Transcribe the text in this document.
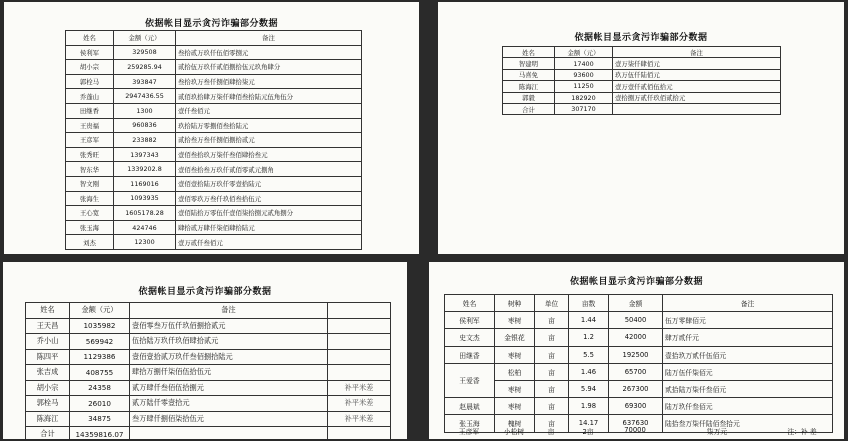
依据帐目显示贪污诈骗部分数据
姓名	金额（元）	备注
侯利军	329508	叁拾贰万玖仟伍佰零捌元
胡小宗	259285.94	贰拾伍万玖仟贰佰捌拾伍元玖角肆分
郭栓马	393847	叁拾玖万叁仟捌佰肆拾柒元
乔蓬山	2947436.55	贰佰玖拾肆万柒仟肆佰叁拾陆元伍角伍分
田继香	1300	壹仟叁佰元
王贵福	960836	玖拾陆万零捌佰叁拾陆元
王彦军	233882	贰拾叁万叁仟捌佰捌拾贰元
张秀旺	1397343	壹佰叁拾玖万柒仟叁佰肆拾叁元
智东华	1339202.8	壹佰叁拾叁万玖仟贰佰零贰元捌角
智文刚	1169016	壹佰壹拾陆万玖仟零壹拾陆元
张海生	1093935	壹佰零玖万叁仟玖佰叁拾伍元
王心宽	1605178.28	壹佰陆拾万零伍仟壹佰柒拾捌元贰角捌分
张玉海	424746	肆拾贰万肆仟柒佰肆拾陆元
刘杰	12300	壹万贰仟叁佰元
依据帐目显示贪污诈骗部分数据
姓名	金额（元）	备注
智建明	17400	壹万柒仟肆佰元
马喜免	93600	玖万伍仟陆佰元
陈海江	11250	壹万壹仟贰佰伍拾元
郭毅	182920	壹拾捌万贰仟玖佰贰拾元
合计	307170	
依据帐目显示贪污诈骗部分数据
姓名	金额（元）	备注	
王天昌	1035982	壹佰零叁万伍仟玖佰捌拾贰元	
乔小山	569942	伍拾陆万玖仟玖佰肆拾贰元	
陈四平	1129386	壹佰壹拾贰万玖仟叁佰捌拾陆元	
张吉成	408755	肆拾万捌仟柒佰伍拾伍元	
胡小宗	24358	贰万肆仟叁佰伍拾捌元	补平米差
郭栓马	26010	贰万陆仟零壹拾元	补平米差
陈海江	34875	叁万肆仟捌佰柒拾伍元	补平米差
合计	14359816.07		
依据帐目显示贪污诈骗部分数据
姓名	树种	单位	亩数	金额	备注
侯利军	枣树	亩	1.44	50400	伍万零肆佰元
史文杰	金银花	亩	1.2	42000	肆万贰仟元
田继香	枣树	亩	5.5	192500	壹拾玖万贰仟伍佰元
王爱香	松柏	亩	1.46	65700	陆万伍仟柒佰元
	枣树	亩	5.94	267300	贰拾陆万柒仟叁佰元
赵晨斌	枣树	亩	1.98	69300	陆万玖仟叁佰元
张玉海	槐树	亩	14.17	637630	陆拾叁万柒仟陆佰叁拾元
王彦军	小松树	亩	2亩	70000	柒万元	注：补 差
